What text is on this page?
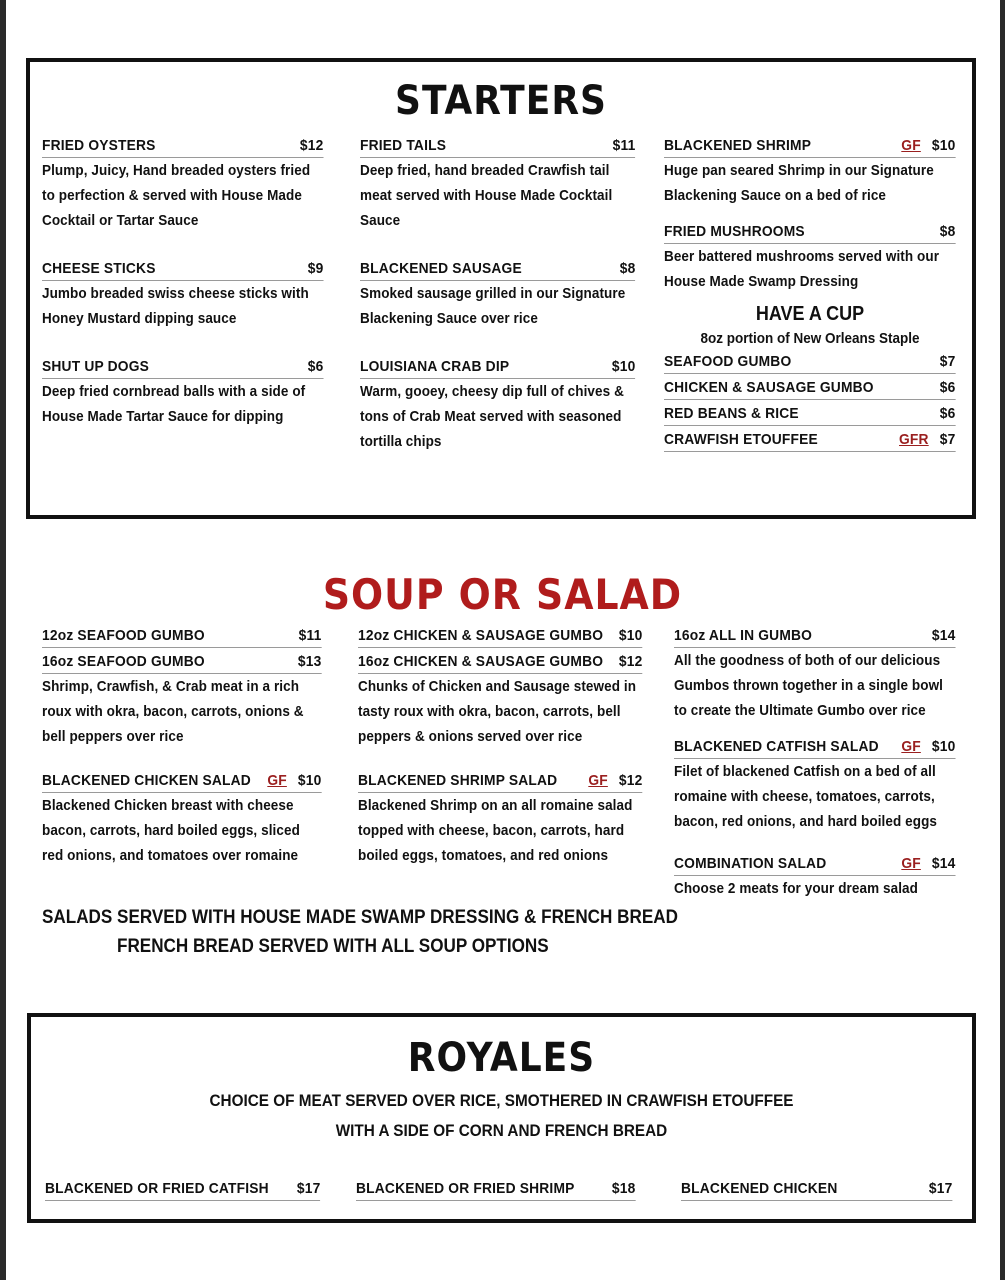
STARTERS
FRIED OYSTERS	$12
Plump, Juicy, Hand breaded oysters fried to perfection & served with House Made Cocktail or Tartar Sauce
CHEESE STICKS	$9
Jumbo breaded swiss cheese sticks with Honey Mustard dipping sauce
SHUT UP DOGS	$6
Deep fried cornbread balls with a side of House Made Tartar Sauce for dipping
FRIED TAILS	$11
Deep fried, hand breaded Crawfish tail meat served with House Made Cocktail Sauce
BLACKENED SAUSAGE	$8
Smoked sausage grilled in our Signature Blackening Sauce over rice
LOUISIANA CRAB DIP	$10
Warm, gooey, cheesy dip full of chives & tons of Crab Meat served with seasoned tortilla chips
BLACKENED SHRIMP	GF $10
Huge pan seared Shrimp in our Signature Blackening Sauce on a bed of rice
FRIED MUSHROOMS	$8
Beer battered mushrooms served with our House Made Swamp Dressing
HAVE A CUP
8oz portion of New Orleans Staple
SEAFOOD GUMBO	$7
CHICKEN & SAUSAGE GUMBO	$6
RED BEANS & RICE	$6
CRAWFISH ETOUFFEE	GFR $7
SOUP OR SALAD
12oz SEAFOOD GUMBO	$11
16oz SEAFOOD GUMBO	$13
Shrimp, Crawfish, & Crab meat in a rich roux with okra, bacon, carrots, onions & bell peppers over rice
BLACKENED CHICKEN SALAD GF $10
Blackened Chicken breast with cheese bacon, carrots, hard boiled eggs, sliced red onions, and tomatoes over romaine
12oz CHICKEN & SAUSAGE GUMBO $10
16oz CHICKEN & SAUSAGE GUMBO $12
Chunks of Chicken and Sausage stewed in tasty roux with okra, bacon, carrots, bell peppers & onions served over rice
BLACKENED SHRIMP SALAD GF $12
Blackened Shrimp on an all romaine salad topped with cheese, bacon, carrots, hard boiled eggs, tomatoes, and red onions
16oz ALL IN GUMBO	$14
All the goodness of both of our delicious Gumbos thrown together in a single bowl to create the Ultimate Gumbo over rice
BLACKENED CATFISH SALAD GF $10
Filet of blackened Catfish on a bed of all romaine with cheese, tomatoes, carrots, bacon, red onions, and hard boiled eggs
COMBINATION SALAD	GF $14
Choose 2 meats for your dream salad
SALADS SERVED WITH HOUSE MADE SWAMP DRESSING & FRENCH BREAD
FRENCH BREAD SERVED WITH ALL SOUP OPTIONS
ROYALES
CHOICE OF MEAT SERVED OVER RICE, SMOTHERED IN CRAWFISH ETOUFFEE
WITH A SIDE OF CORN AND FRENCH BREAD
BLACKENED OR FRIED CATFISH $17 BLACKENED OR FRIED SHRIMP $18	BLACKENED CHICKEN	$17
